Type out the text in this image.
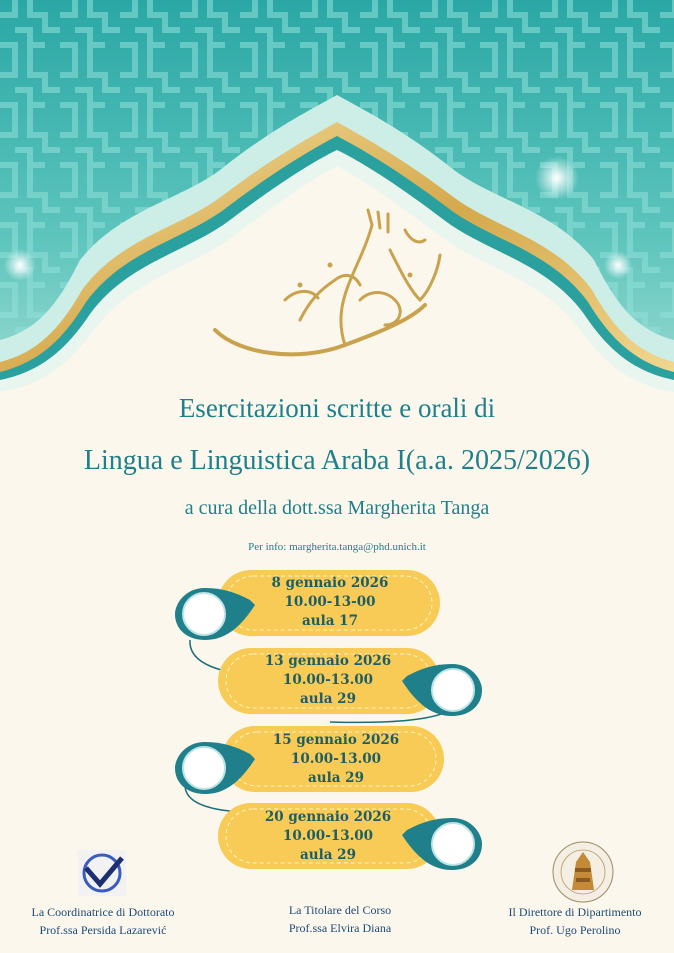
Esercitazioni scritte e orali di
Lingua e Linguistica Araba I(a.a. 2025/2026)
a cura della dott.ssa Margherita Tanga
Per info: margherita.tanga@phd.unich.it
8 gennaio 2026
10.00-13-00
aula 17
13 gennaio 2026
10.00-13.00
aula 29
15 gennaio 2026
10.00-13.00
aula 29
20 gennaio 2026
10.00-13.00
aula 29
La Coordinatrice di Dottorato
Prof.ssa Persida Lazarević
La Titolare del Corso
Prof.ssa Elvira Diana
Il Direttore di Dipartimento
Prof. Ugo Perolino
